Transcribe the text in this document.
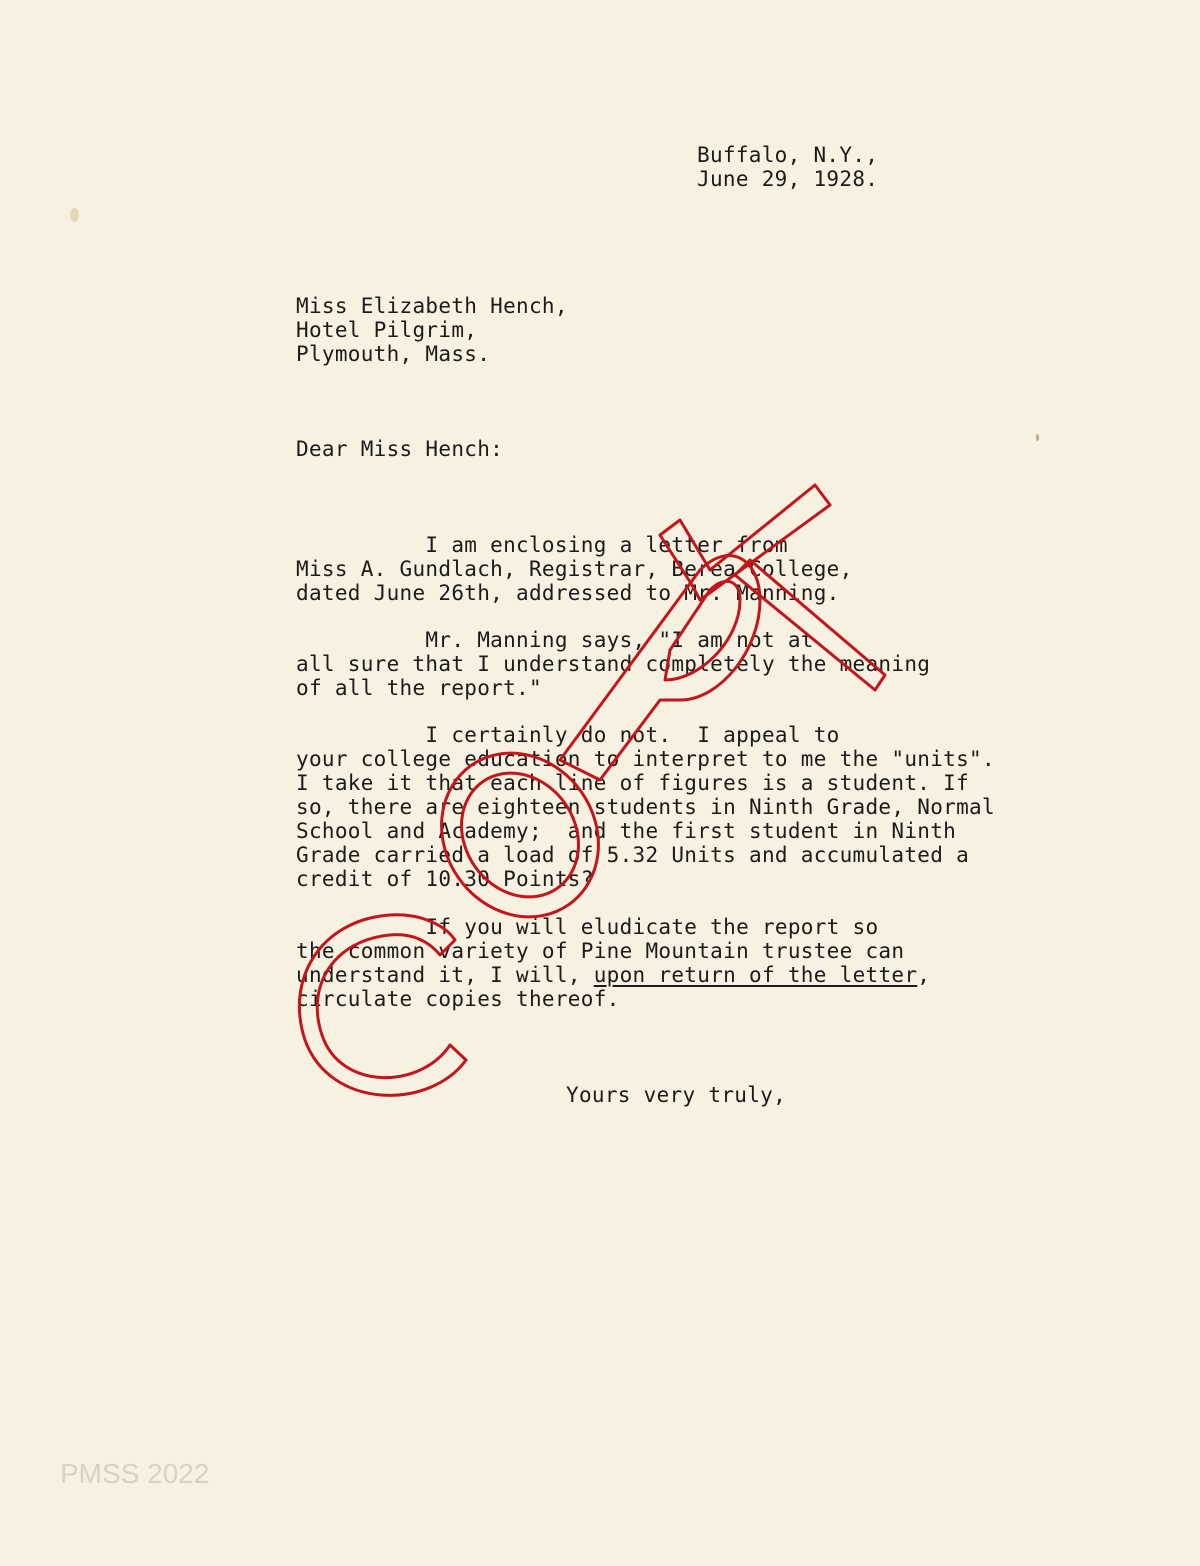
Buffalo, N.Y.,
June 29, 1928.
Miss Elizabeth Hench,
Hotel Pilgrim,
Plymouth, Mass.
Dear Miss Hench:
I am enclosing a letter from
Miss A. Gundlach, Registrar, Berea College,
dated June 26th, addressed to Mr. Manning.
Mr. Manning says, "I am not at
all sure that I understand completely the meaning
of all the report."
I certainly do not.  I appeal to
your college education to interpret to me the "units".
I take it that each line of figures is a student. If
so, there are eighteen students in Ninth Grade, Normal
School and Academy;  and the first student in Ninth
Grade carried a load of 5.32 Units and accumulated a
credit of 10.30 Points?
If you will eludicate the report so
the common variety of Pine Mountain trustee can
understand it, I will, upon return of the letter,
circulate copies thereof.
Yours very truly,
PMSS 2022
